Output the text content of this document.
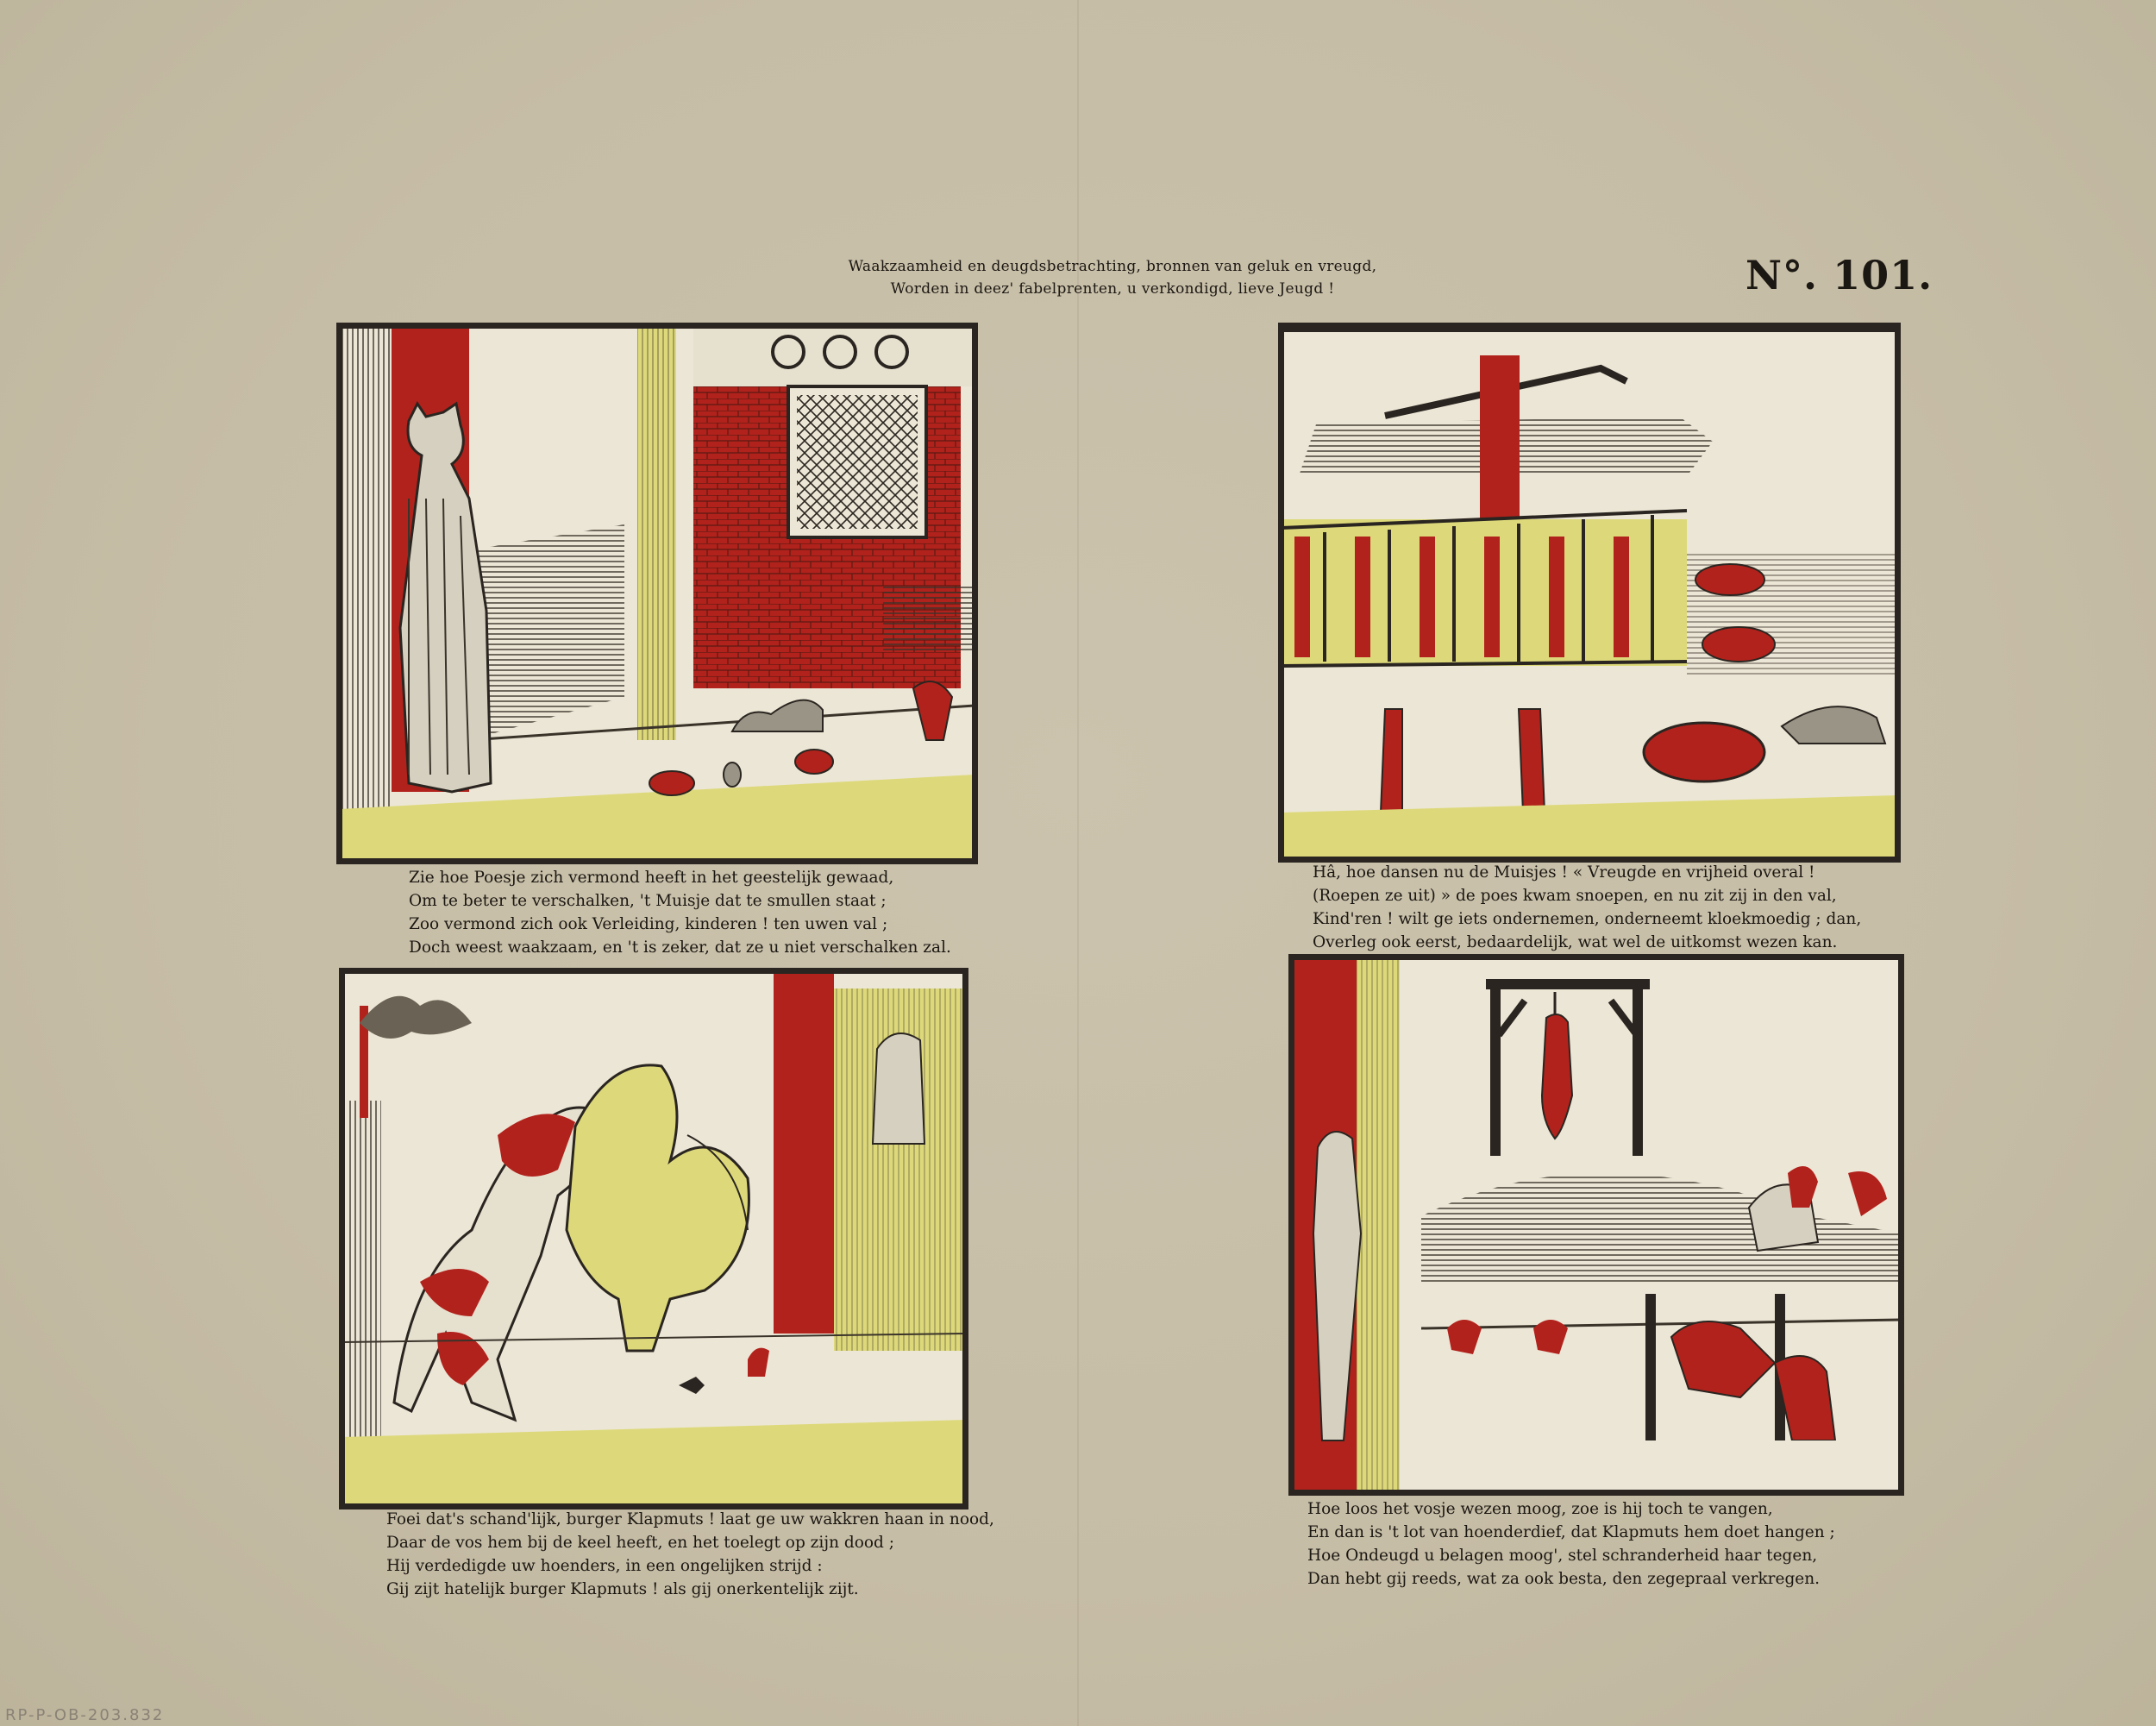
Waakzaamheid en deugdsbetrachting, bronnen van geluk en vreugd,
Worden in deez' fabelprenten, u verkondigd, lieve Jeugd !	N°. 101.
Zie hoe Poesje zich vermond heeft in het geestelijk gewaad,
Om te beter te verschalken, 't Muisje dat te smullen staat ;
Zoo vermond zich ook Verleiding, kinderen ! ten uwen val ;
Doch weest waakzaam, en 't is zeker, dat ze u niet verschalken zal.
Hâ, hoe dansen nu de Muisjes ! « Vreugde en vrijheid overal !
(Roepen ze uit) » de poes kwam snoepen, en nu zit zij in den val,
Kind'ren ! wilt ge iets ondernemen, onderneemt kloekmoedig ; dan,
Overleg ook eerst, bedaardelijk, wat wel de uitkomst wezen kan.
Foei dat's schand'lijk, burger Klapmuts ! laat ge uw wakkren haan in nood,
Daar de vos hem bij de keel heeft, en het toelegt op zijn dood ;
Hij verdedigde uw hoenders, in een ongelijken strijd :
Gij zijt hatelijk burger Klapmuts ! als gij onerkentelijk zijt.
Hoe loos het vosje wezen moog, zoe is hij toch te vangen,
En dan is 't lot van hoenderdief, dat Klapmuts hem doet hangen ;
Hoe Ondeugd u belagen moog', stel schranderheid haar tegen,
Dan hebt gij reeds, wat za ook besta, den zegepraal verkregen.
RP-P-OB-203.832
